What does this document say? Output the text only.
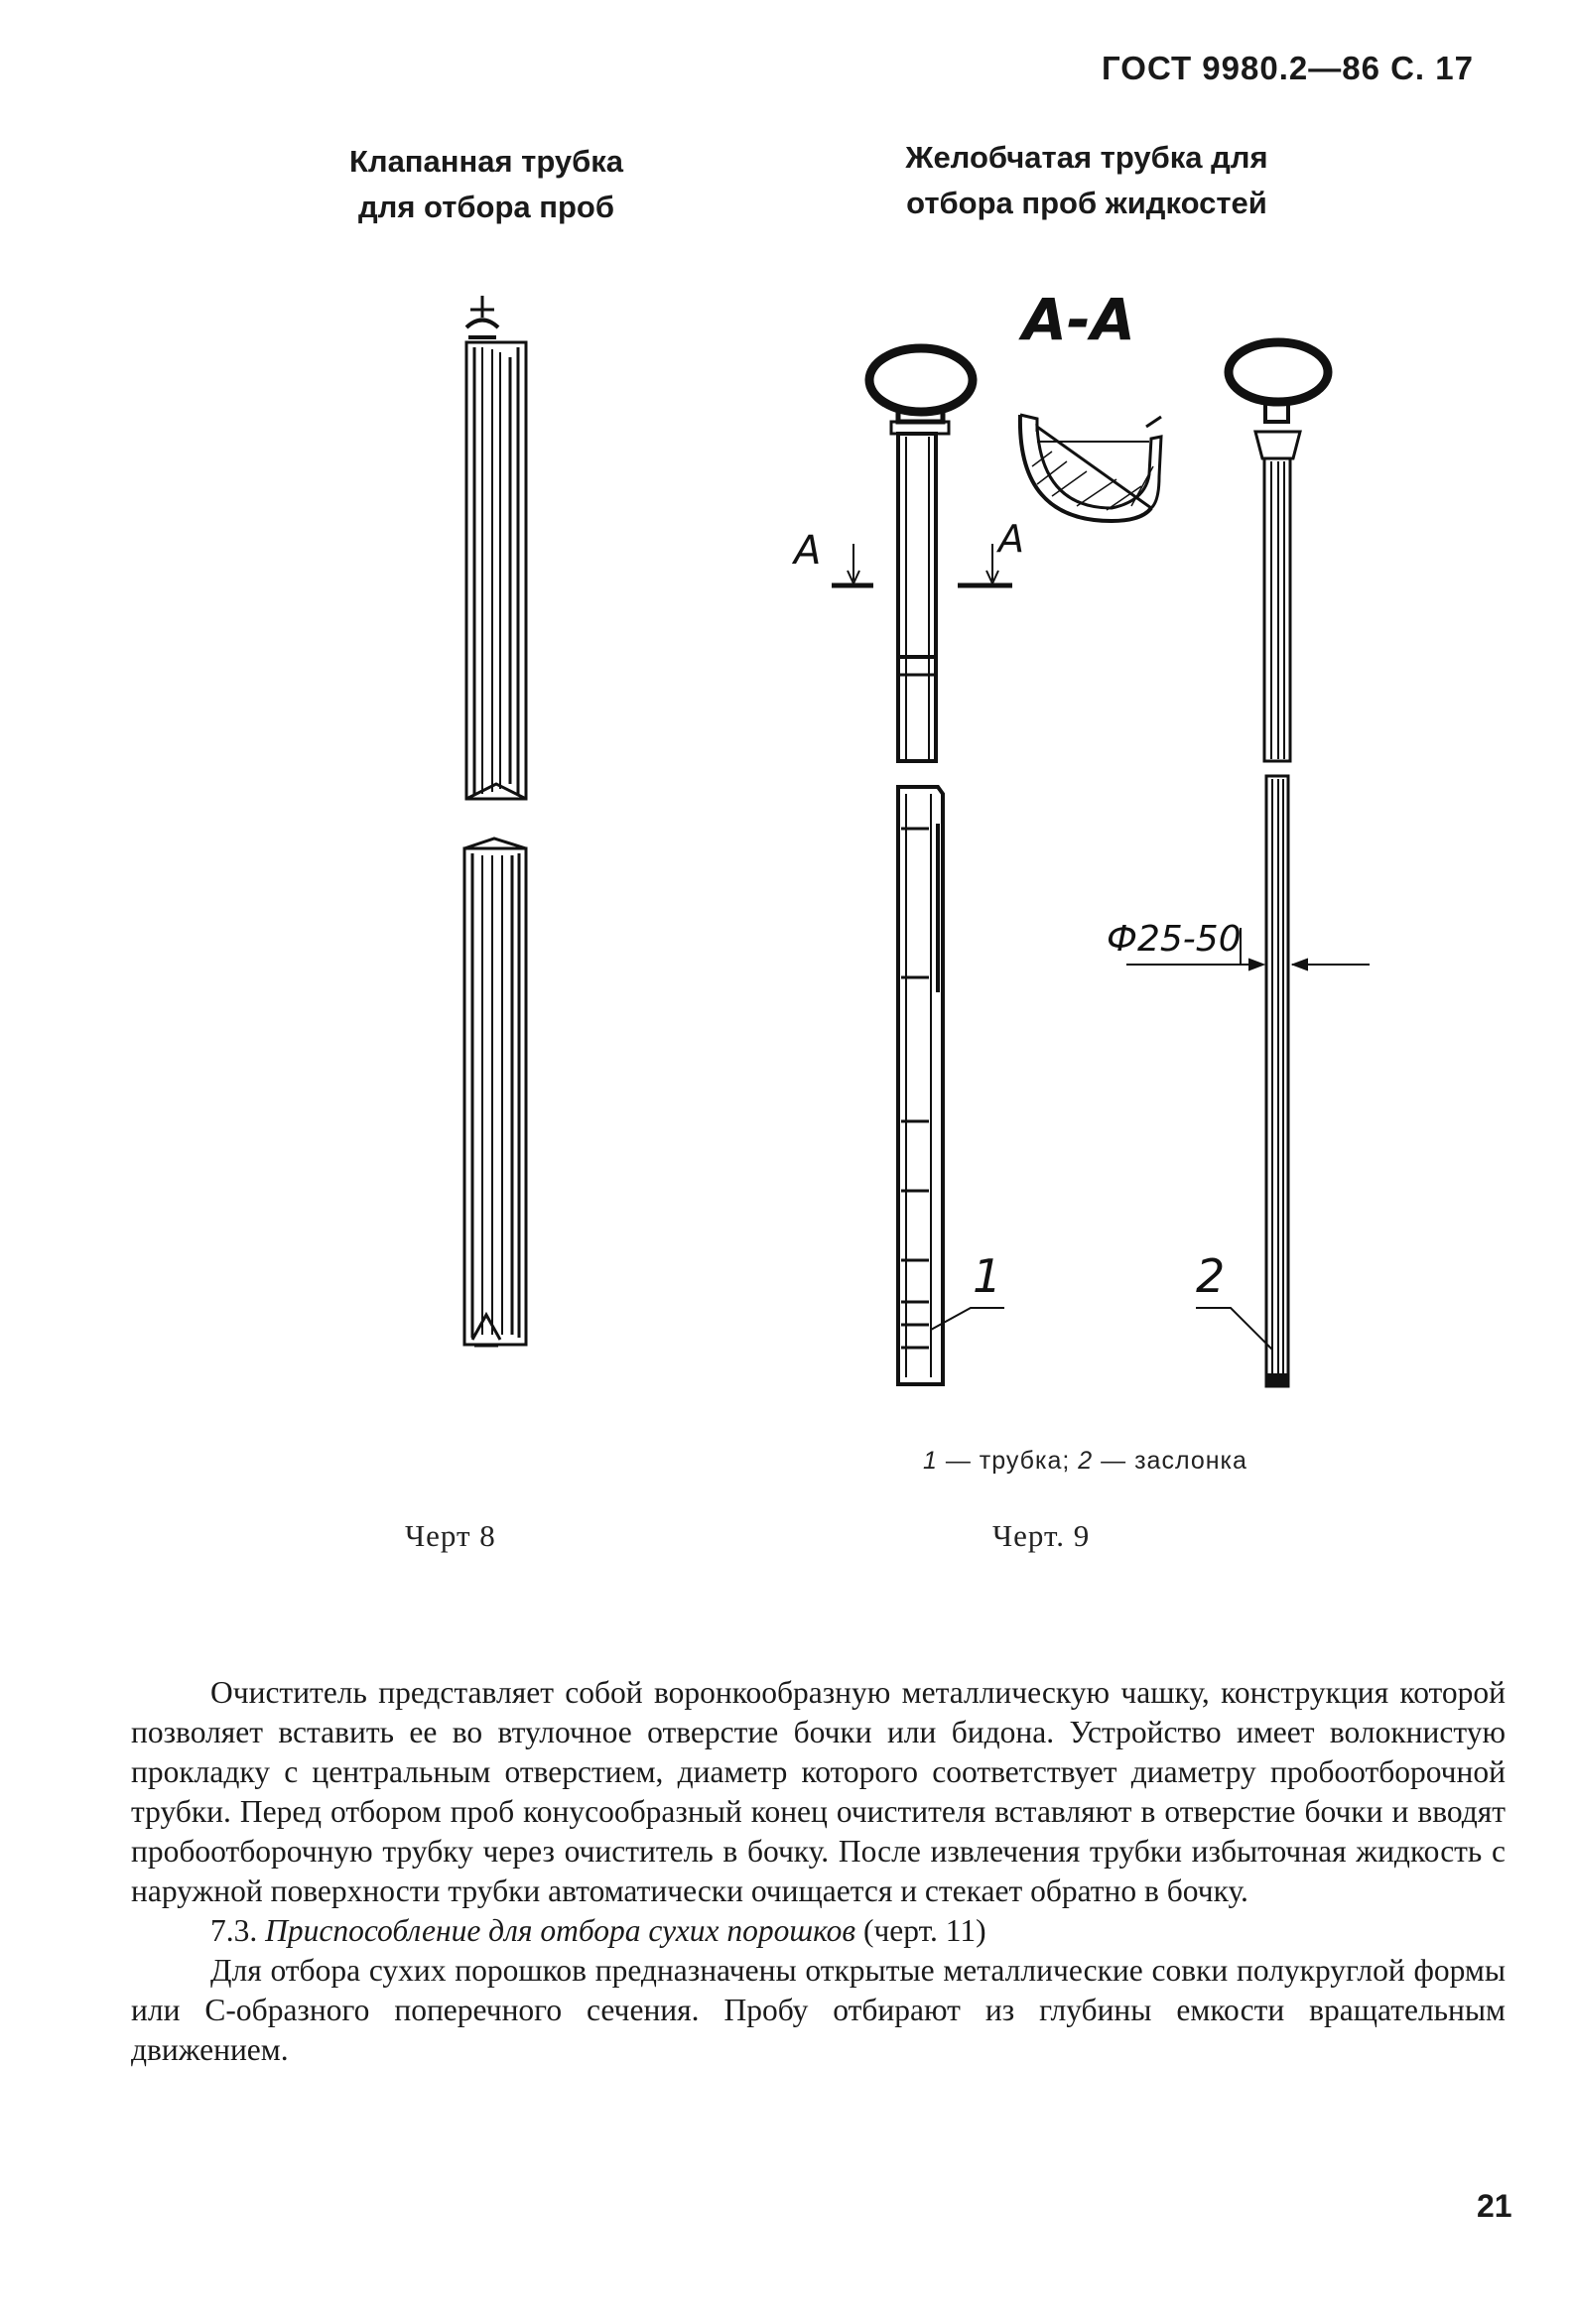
ГОСТ 9980.2—86 С. 17
Клапанная трубка
для отбора проб
Желобчатая трубка для
отбора проб жидкостей
А-А
А	А
Ф25-50
1	2
1 — трубка; 2 — заслонка
Черт 8	Черт. 9

Очиститель представляет собой воронкообразную металлическую чашку, конструкция которой позволяет вставить ее во втулочное отверстие бочки или бидона. Устройство имеет волокнистую прокладку с центральным отверстием, диаметр которого соответствует диаметру пробоотборочной трубки. Перед отбором проб конусообразный конец очистителя вставляют в отверстие бочки и вводят пробоотборочную трубку через очиститель в бочку. После извлечения трубки избыточная жидкость с наружной поверхности трубки автоматически очищается и стекает обратно в бочку.

7.3. Приспособление для отбора сухих порошков (черт. 11)

Для отбора сухих порошков предназначены открытые металлические совки полукруглой формы или С-образного поперечного сечения. Пробу отбирают из глубины емкости вращательным движением.

21
